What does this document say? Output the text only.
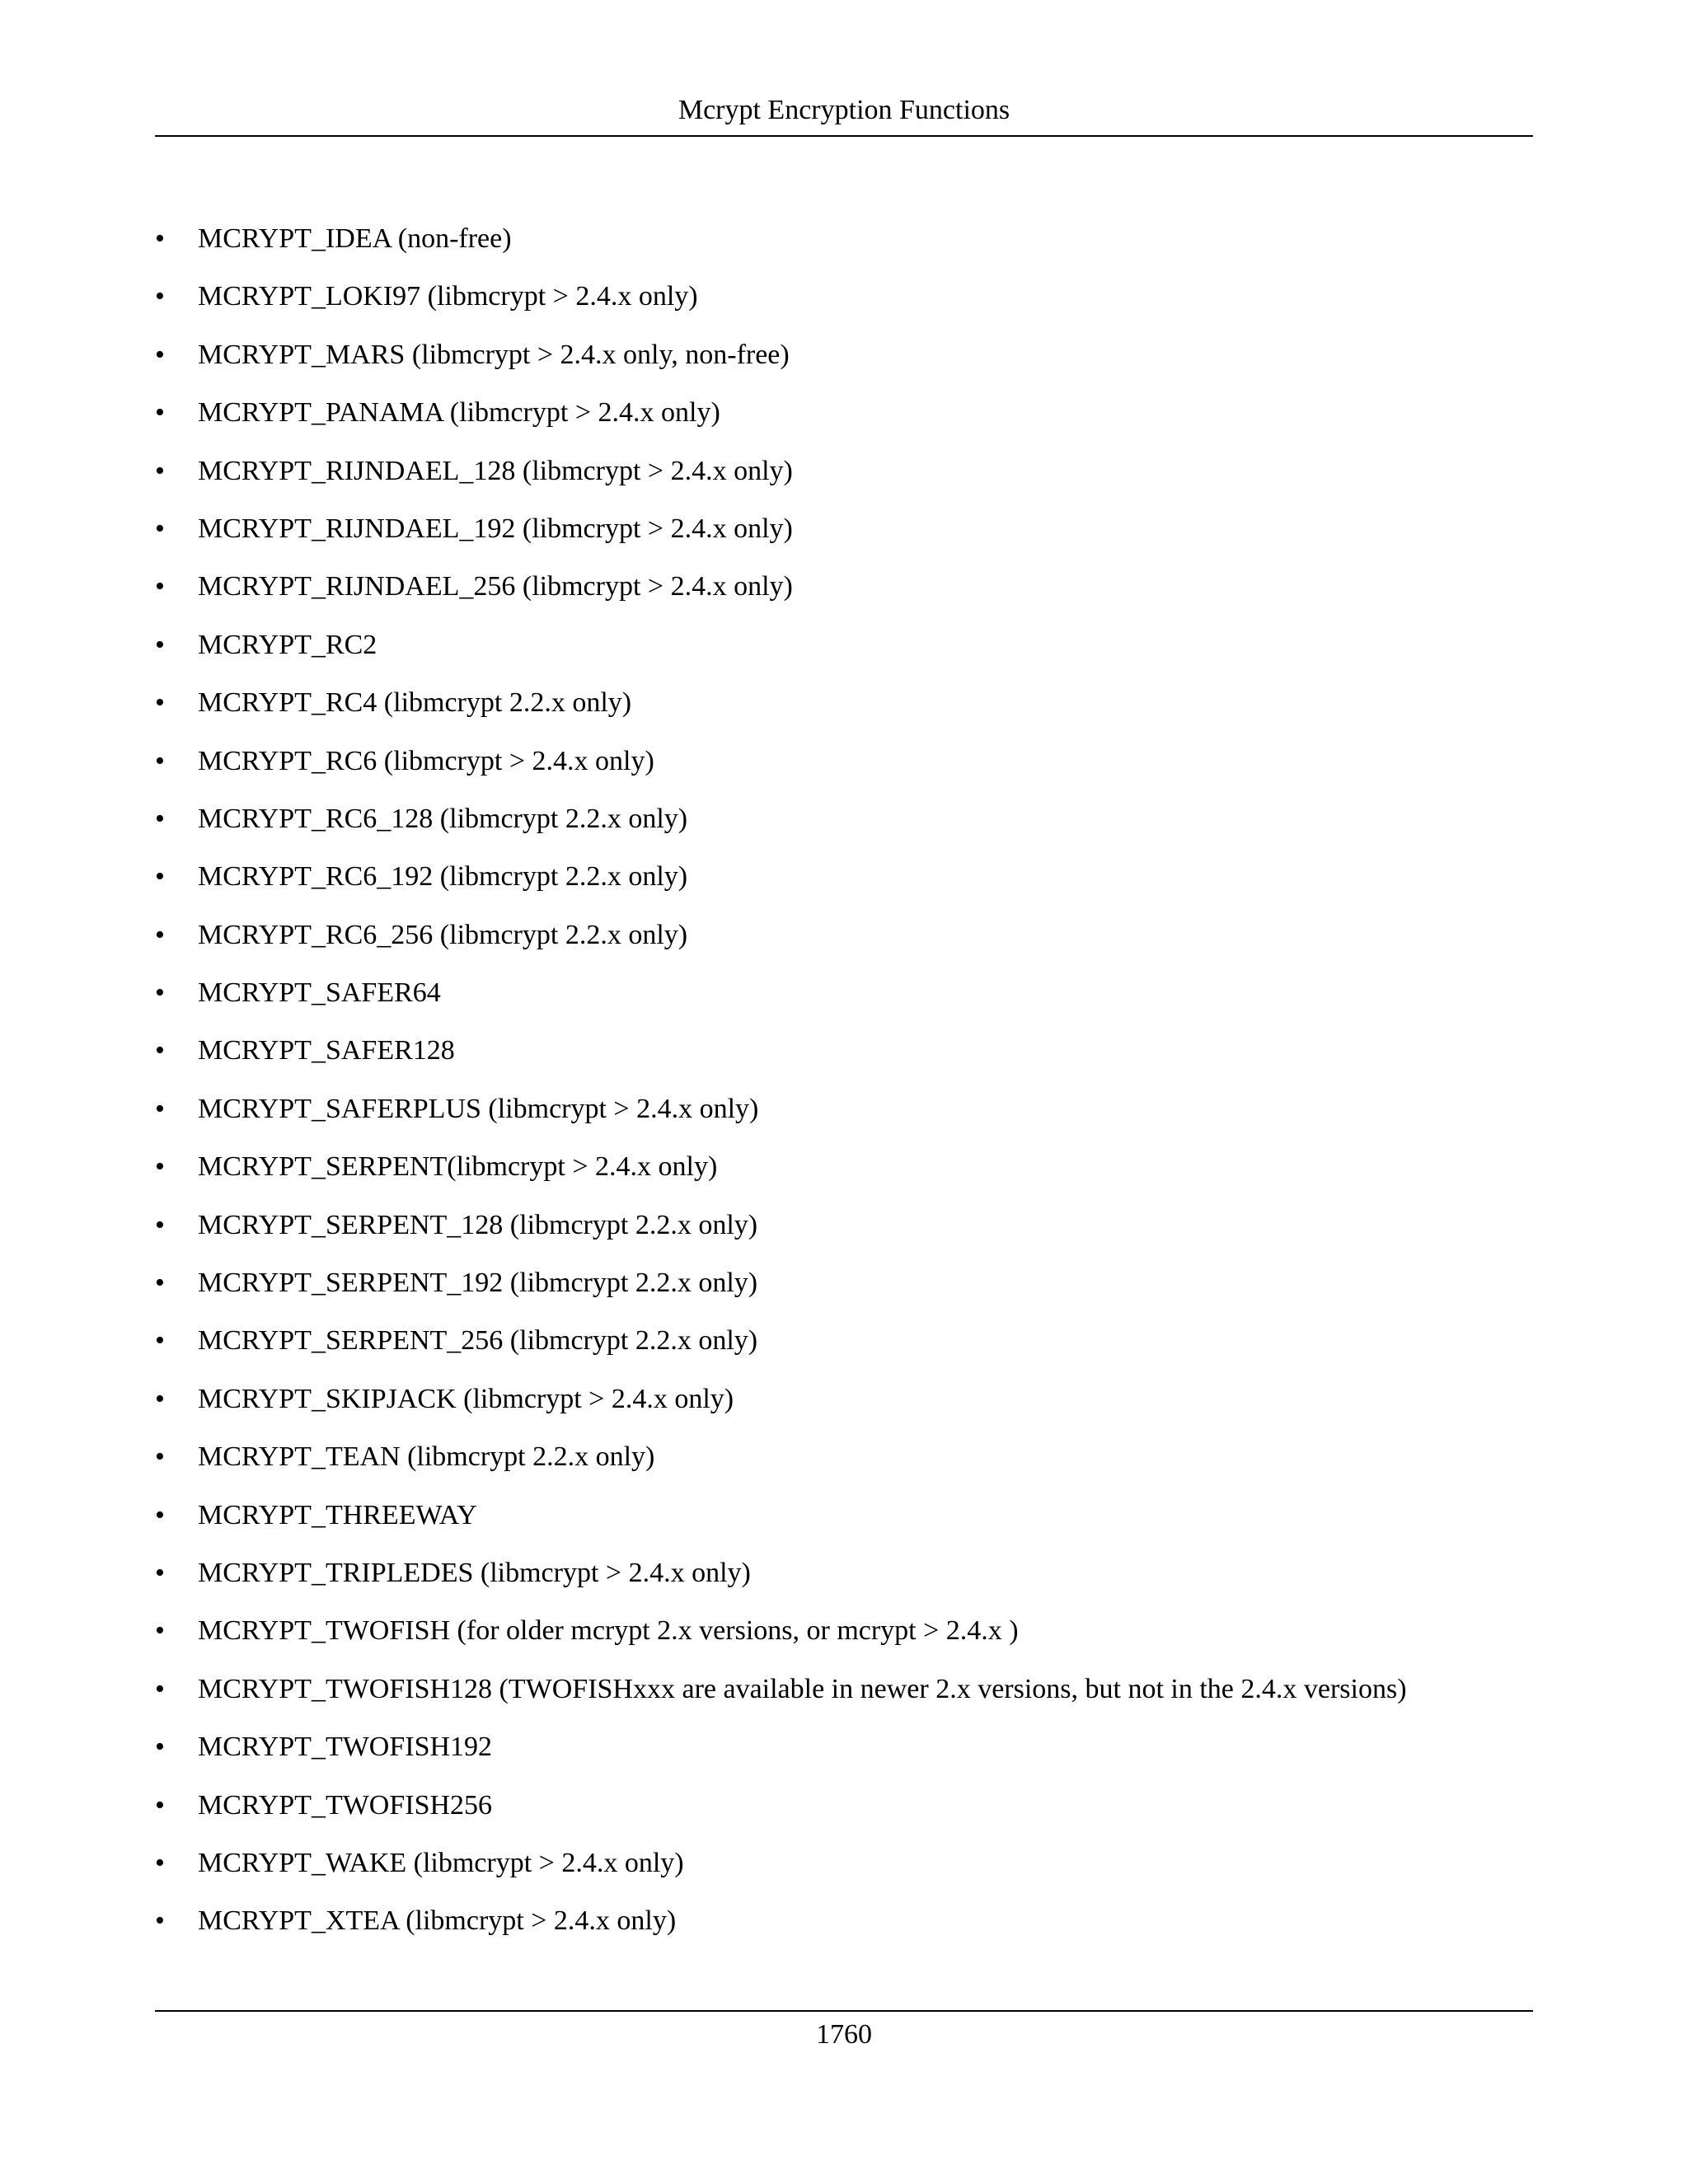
Mcrypt Encryption Functions
• MCRYPT_IDEA (non-free)
• MCRYPT_LOKI97 (libmcrypt > 2.4.x only)
• MCRYPT_MARS (libmcrypt > 2.4.x only, non-free)
• MCRYPT_PANAMA (libmcrypt > 2.4.x only)
• MCRYPT_RIJNDAEL_128 (libmcrypt > 2.4.x only)
• MCRYPT_RIJNDAEL_192 (libmcrypt > 2.4.x only)
• MCRYPT_RIJNDAEL_256 (libmcrypt > 2.4.x only)
• MCRYPT_RC2
• MCRYPT_RC4 (libmcrypt 2.2.x only)
• MCRYPT_RC6 (libmcrypt > 2.4.x only)
• MCRYPT_RC6_128 (libmcrypt 2.2.x only)
• MCRYPT_RC6_192 (libmcrypt 2.2.x only)
• MCRYPT_RC6_256 (libmcrypt 2.2.x only)
• MCRYPT_SAFER64
• MCRYPT_SAFER128
• MCRYPT_SAFERPLUS (libmcrypt > 2.4.x only)
• MCRYPT_SERPENT(libmcrypt > 2.4.x only)
• MCRYPT_SERPENT_128 (libmcrypt 2.2.x only)
• MCRYPT_SERPENT_192 (libmcrypt 2.2.x only)
• MCRYPT_SERPENT_256 (libmcrypt 2.2.x only)
• MCRYPT_SKIPJACK (libmcrypt > 2.4.x only)
• MCRYPT_TEAN (libmcrypt 2.2.x only)
• MCRYPT_THREEWAY
• MCRYPT_TRIPLEDES (libmcrypt > 2.4.x only)
• MCRYPT_TWOFISH (for older mcrypt 2.x versions, or mcrypt > 2.4.x )
• MCRYPT_TWOFISH128 (TWOFISHxxx are available in newer 2.x versions, but not in the 2.4.x versions)
• MCRYPT_TWOFISH192
• MCRYPT_TWOFISH256
• MCRYPT_WAKE (libmcrypt > 2.4.x only)
• MCRYPT_XTEA (libmcrypt > 2.4.x only)
1760
